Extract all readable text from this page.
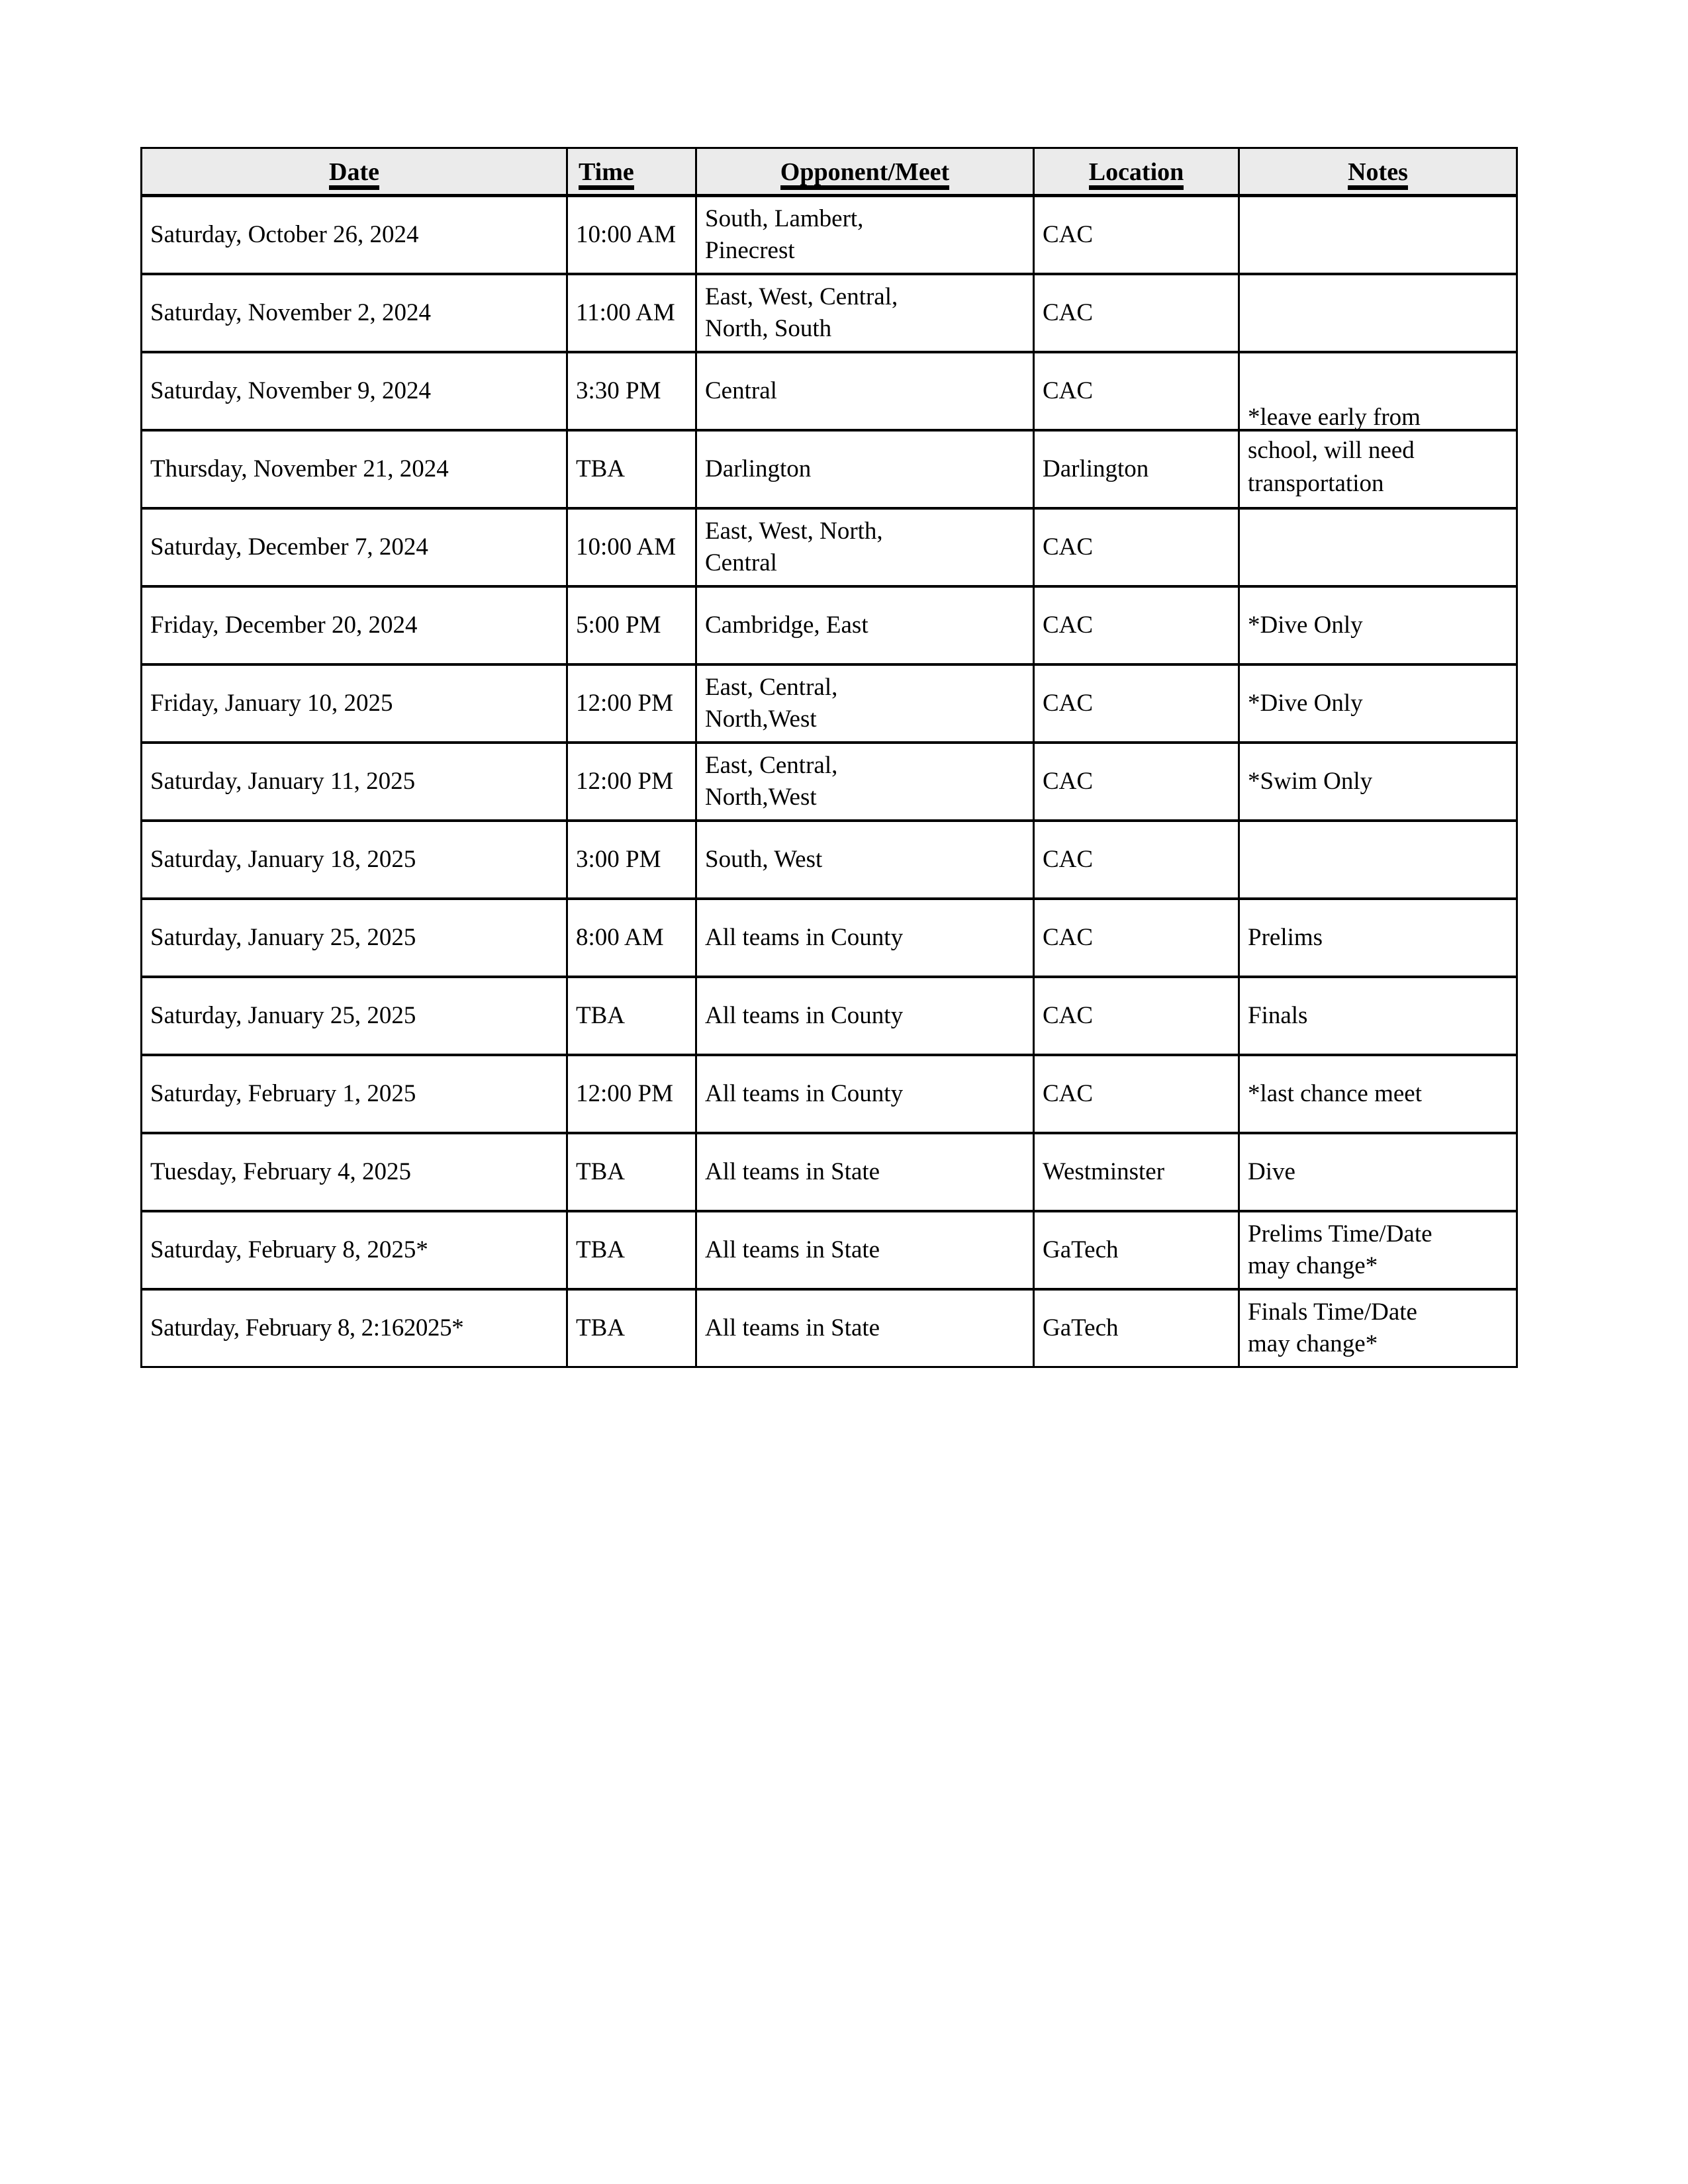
Date	Time	Opponent/Meet	Location	Notes

Saturday, October 26, 2024	10:00 AM	South, Lambert,
Pinecrest	CAC	

Saturday, November 2, 2024	11:00 AM	East, West, Central,
North, South	CAC	

Saturday, November 9, 2024	3:30 PM	Central	CAC	

Thursday, November 21, 2024	TBA	Darlington	Darlington	*leave early from
school, will need
transportation

Saturday, December 7, 2024	10:00 AM	East, West, North,
Central	CAC	

Friday, December 20, 2024	5:00 PM	Cambridge, East	CAC	*Dive Only

Friday, January 10, 2025	12:00 PM	East, Central,
North,West	CAC	*Dive Only

Saturday, January 11, 2025	12:00 PM	East, Central,
North,West	CAC	*Swim Only

Saturday, January 18, 2025	3:00 PM	South, West	CAC	

Saturday, January 25, 2025	8:00 AM	All teams in County	CAC	Prelims

Saturday, January 25, 2025	TBA	All teams in County	CAC	Finals

Saturday, February 1, 2025	12:00 PM	All teams in County	CAC	*last chance meet

Tuesday, February 4, 2025	TBA	All teams in State	Westminster	Dive

Saturday, February 8, 2025*	TBA	All teams in State	GaTech	Prelims Time/Date
may change*

Saturday, February 8, 2:162025*	TBA	All teams in State	GaTech	Finals Time/Date
may change*
